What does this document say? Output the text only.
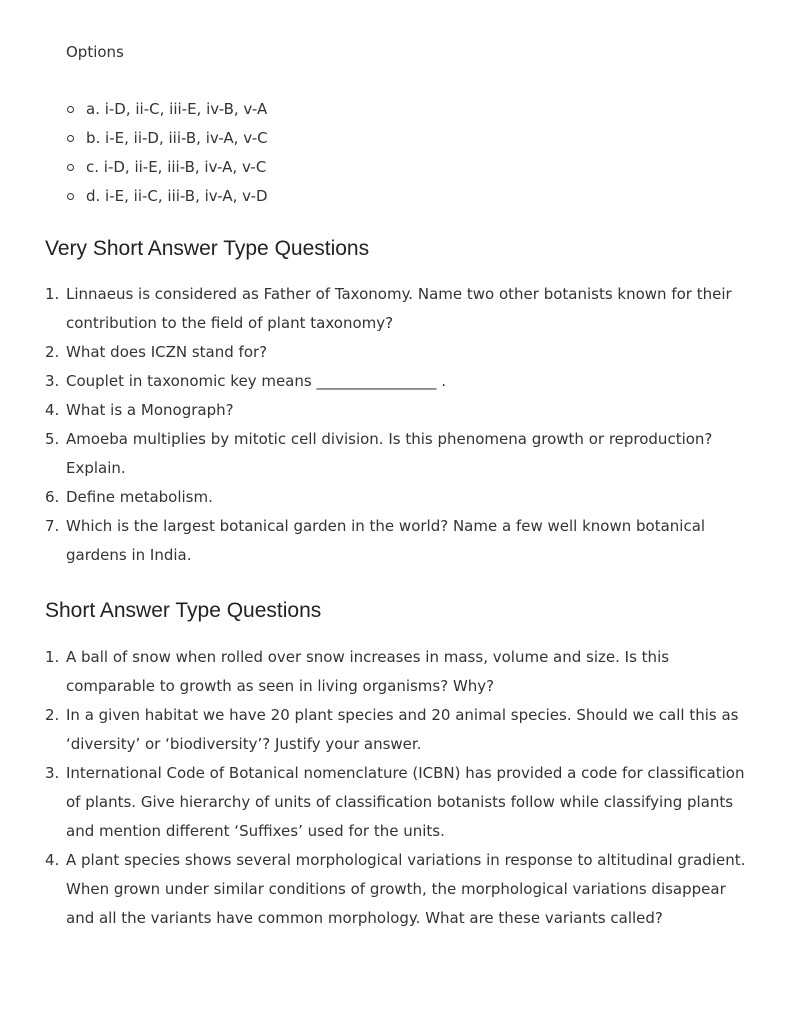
Options

a. i-D, ii-C, iii-E, iv-B, v-A
b. i-E, ii-D, iii-B, iv-A, v-C
c. i-D, ii-E, iii-B, iv-A, v-C
d. i-E, ii-C, iii-B, iv-A, v-D
Very Short Answer Type Questions
1. Linnaeus is considered as Father of Taxonomy. Name two other botanists known for their contribution to the field of plant taxonomy?
2. What does ICZN stand for?
3. Couplet in taxonomic key means ________________ .
4. What is a Monograph?
5. Amoeba multiplies by mitotic cell division. Is this phenomena growth or reproduction? Explain.
6. Define metabolism.
7. Which is the largest botanical garden in the world? Name a few well known botanical gardens in India.
Short Answer Type Questions
1. A ball of snow when rolled over snow increases in mass, volume and size. Is this comparable to growth as seen in living organisms? Why?
2. In a given habitat we have 20 plant species and 20 animal species. Should we call this as ‘diversity’ or ‘biodiversity’? Justify your answer.
3. International Code of Botanical nomenclature (ICBN) has provided a code for classification of plants. Give hierarchy of units of classification botanists follow while classifying plants and mention different ‘Suffixes’ used for the units.
4. A plant species shows several morphological variations in response to altitudinal gradient. When grown under similar conditions of growth, the morphological variations disappear and all the variants have common morphology. What are these variants called?
